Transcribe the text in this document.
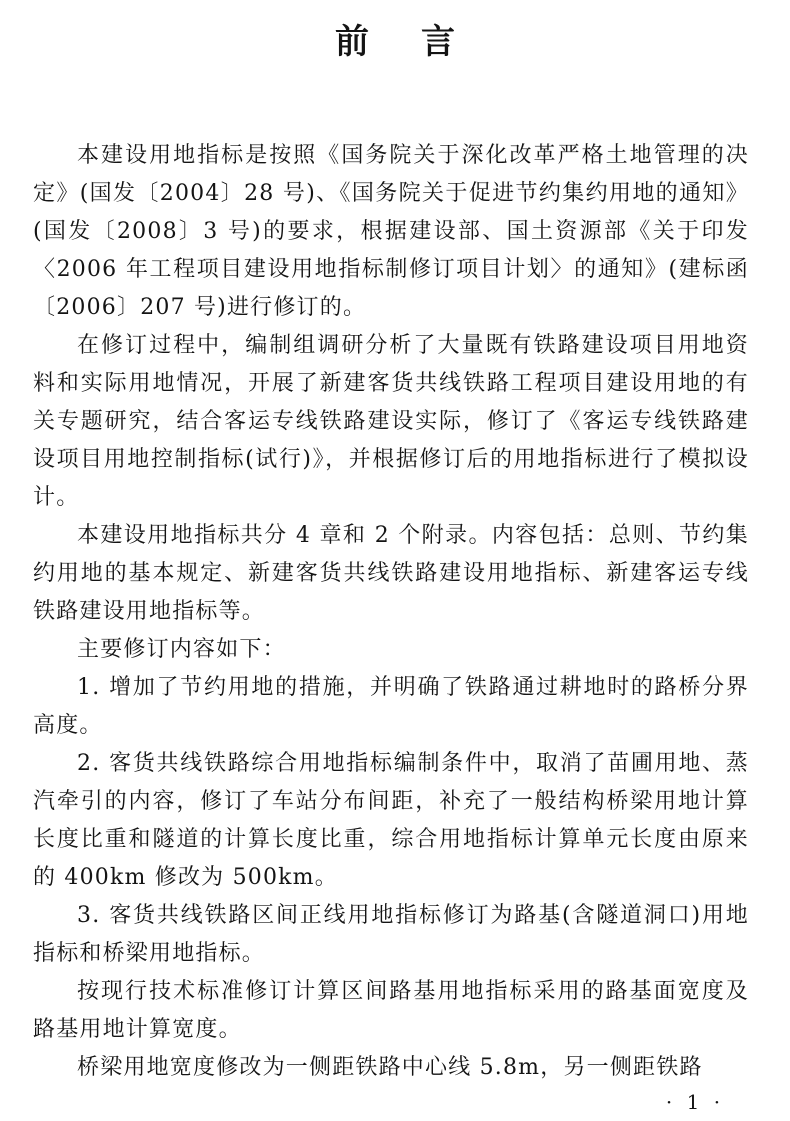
前言

本建设用地指标是按照《国务院关于深化改革严格土地管理的决定》(国发〔2004〕28 号)、《国务院关于促进节约集约用地的通知》(国发〔2008〕3 号)的要求，根据建设部、国土资源部《关于印发〈2006 年工程项目建设用地指标制修订项目计划〉的通知》(建标函〔2006〕207 号)进行修订的。

在修订过程中，编制组调研分析了大量既有铁路建设项目用地资料和实际用地情况，开展了新建客货共线铁路工程项目建设用地的有关专题研究，结合客运专线铁路建设实际，修订了《客运专线铁路建设项目用地控制指标(试行)》，并根据修订后的用地指标进行了模拟设计。

本建设用地指标共分 4 章和 2 个附录。内容包括：总则、节约集约用地的基本规定、新建客货共线铁路建设用地指标、新建客运专线铁路建设用地指标等。

主要修订内容如下：

1. 增加了节约用地的措施，并明确了铁路通过耕地时的路桥分界高度。

2. 客货共线铁路综合用地指标编制条件中，取消了苗圃用地、蒸汽牵引的内容，修订了车站分布间距，补充了一般结构桥梁用地计算长度比重和隧道的计算长度比重，综合用地指标计算单元长度由原来的 400km 修改为 500km。

3. 客货共线铁路区间正线用地指标修订为路基(含隧道洞口)用地指标和桥梁用地指标。

按现行技术标准修订计算区间路基用地指标采用的路基面宽度及路基用地计算宽度。

桥梁用地宽度修改为一侧距铁路中心线 5.8m，另一侧距铁路

· 1 ·
